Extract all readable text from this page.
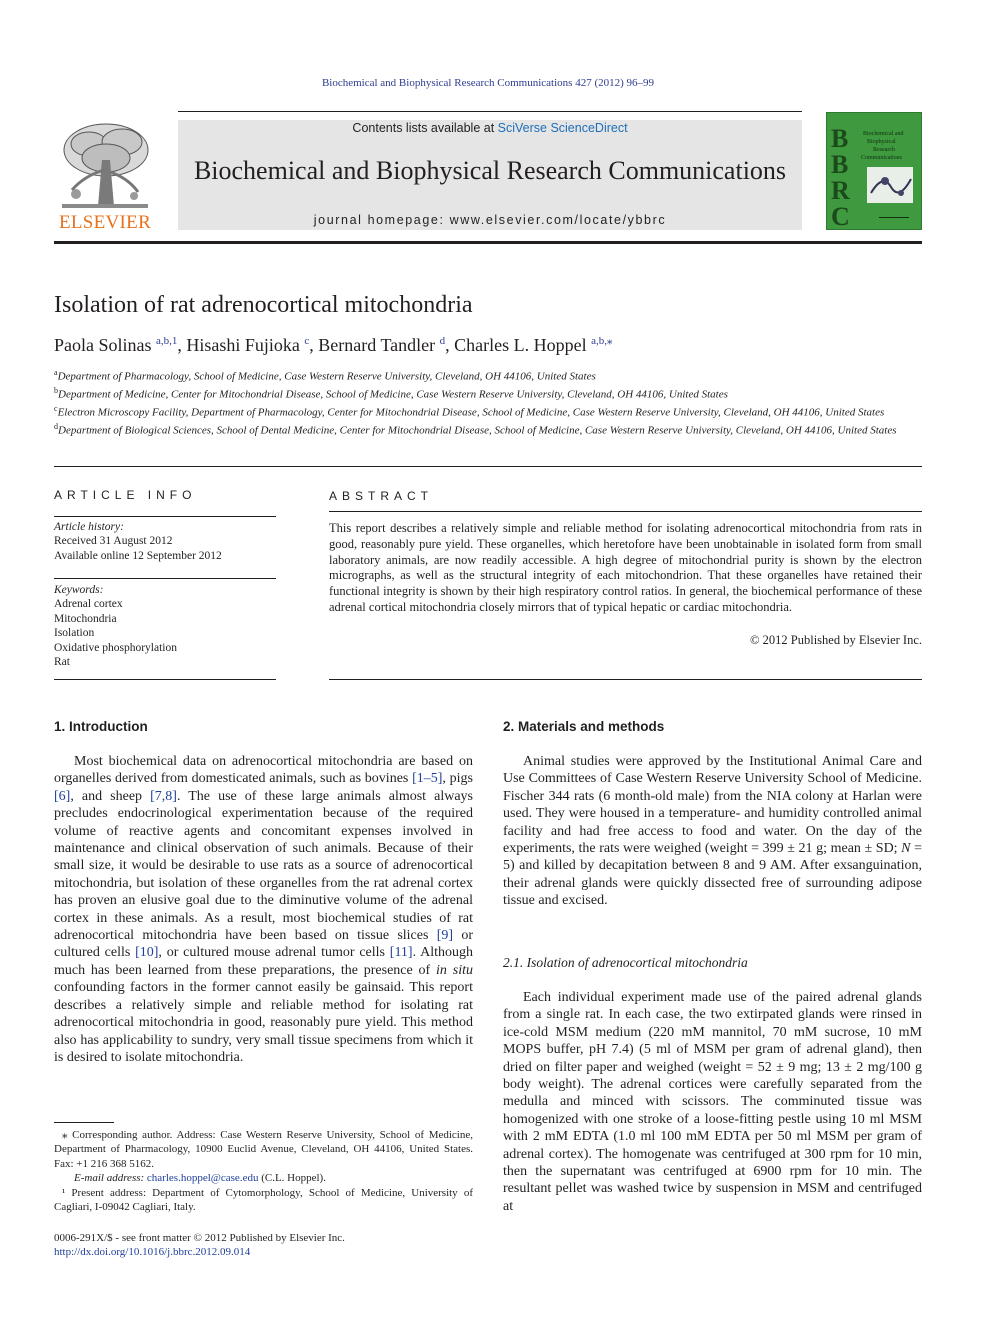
Biochemical and Biophysical Research Communications 427 (2012) 96–99
ELSEVIER
Contents lists available at SciVerse ScienceDirect
Biochemical and Biophysical Research Communications
journal homepage: www.elsevier.com/locate/ybbrc
B
B
R
C
Biochemical and
Biophysical
Research
Communications
Isolation of rat adrenocortical mitochondria
Paola Solinas $^{a,b,1}$, Hisashi Fujioka $^c$, Bernard Tandler $^d$, Charles L. Hoppel $^{a,b,⁎}$
$^a$Department of Pharmacology, School of Medicine, Case Western Reserve University, Cleveland, OH 44106, United States
$^b$Department of Medicine, Center for Mitochondrial Disease, School of Medicine, Case Western Reserve University, Cleveland, OH 44106, United States
$^c$Electron Microscopy Facility, Department of Pharmacology, Center for Mitochondrial Disease, School of Medicine, Case Western Reserve University, Cleveland, OH 44106, United States
$^d$Department of Biological Sciences, School of Dental Medicine, Center for Mitochondrial Disease, School of Medicine, Case Western Reserve University, Cleveland, OH 44106, United States
ARTICLE INFO
Article history:
Received 31 August 2012
Available online 12 September 2012
Keywords:
Adrenal cortex
Mitochondria
Isolation
Oxidative phosphorylation
Rat
ABSTRACT
This report describes a relatively simple and reliable method for isolating adrenocortical mitochondria from rats in good, reasonably pure yield. These organelles, which heretofore have been unobtainable in isolated form from small laboratory animals, are now readily accessible. A high degree of mitochondrial purity is shown by the electron micrographs, as well as the structural integrity of each mitochondrion. That these organelles have retained their functional integrity is shown by their high respiratory control ratios. In general, the biochemical performance of these adrenal cortical mitochondria closely mirrors that of typical hepatic or cardiac mitochondria.
© 2012 Published by Elsevier Inc.
1. Introduction

Most biochemical data on adrenocortical mitochondria are based on organelles derived from domesticated animals, such as bovines [1–5], pigs [6], and sheep [7,8]. The use of these large animals almost always precludes endocrinological experimentation because of the required volume of reactive agents and concomitant expenses involved in maintenance and clinical observation of such animals. Because of their small size, it would be desirable to use rats as a source of adrenocortical mitochondria, but isolation of these organelles from the rat adrenal cortex has proven an elusive goal due to the diminutive volume of the adrenal cortex in these animals. As a result, most biochemical studies of rat adrenocortical mitochondria have been based on tissue slices [9] or cultured cells [10], or cultured mouse adrenal tumor cells [11]. Although much has been learned from these preparations, the presence of in situ confounding factors in the former cannot easily be gainsaid. This report describes a relatively simple and reliable method for isolating rat adrenocortical mitochondria in good, reasonably pure yield. This method also has applicability to sundry, very small tissue specimens from which it is desired to isolate mitochondria.

2. Materials and methods

Animal studies were approved by the Institutional Animal Care and Use Committees of Case Western Reserve University School of Medicine. Fischer 344 rats (6 month-old male) from the NIA colony at Harlan were used. They were housed in a temperature- and humidity controlled animal facility and had free access to food and water. On the day of the experiments, the rats were weighed (weight = 399 ± 21 g; mean ± SD; N = 5) and killed by decapitation between 8 and 9 AM. After exsanguination, their adrenal glands were quickly dissected free of surrounding adipose tissue and excised.

2.1. Isolation of adrenocortical mitochondria

Each individual experiment made use of the paired adrenal glands from a single rat. In each case, the two extirpated glands were rinsed in ice-cold MSM medium (220 mM mannitol, 70 mM sucrose, 10 mM MOPS buffer, pH 7.4) (5 ml of MSM per gram of adrenal gland), then dried on filter paper and weighed (weight = 52 ± 9 mg; 13 ± 2 mg/100 g body weight). The adrenal cortices were carefully separated from the medulla and minced with scissors. The comminuted tissue was homogenized with one stroke of a loose-fitting pestle using 10 ml MSM with 2 mM EDTA (1.0 ml 100 mM EDTA per 50 ml MSM per gram of adrenal cortex). The homogenate was centrifuged at 300 rpm for 10 min, then the supernatant was centrifuged at 6900 rpm for 10 min. The resultant pellet was washed twice by suspension in MSM and centrifuged at

⁎ Corresponding author. Address: Case Western Reserve University, School of Medicine, Department of Pharmacology, 10900 Euclid Avenue, Cleveland, OH 44106, United States. Fax: +1 216 368 5162.

E-mail address: charles.hoppel@case.edu (C.L. Hoppel).

¹ Present address: Department of Cytomorphology, School of Medicine, University of Cagliari, I-09042 Cagliari, Italy.

0006-291X/$ - see front matter © 2012 Published by Elsevier Inc.
http://dx.doi.org/10.1016/j.bbrc.2012.09.014
